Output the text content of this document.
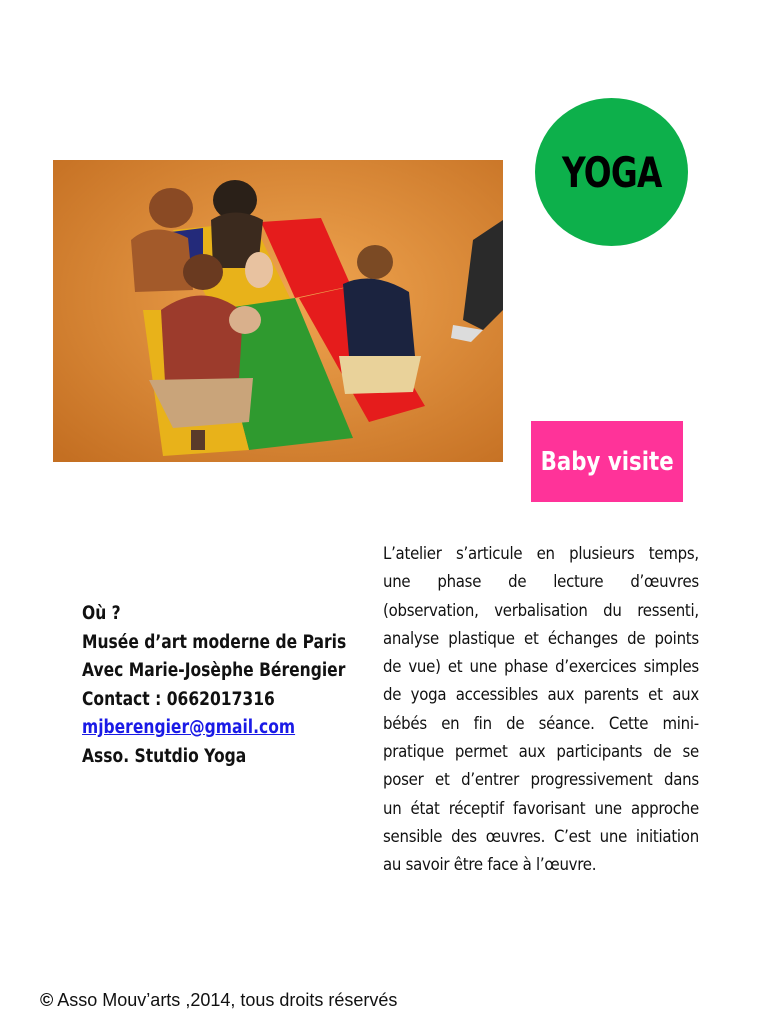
YOGA
Baby visite
Où ?
Musée d’art moderne de Paris
Avec Marie-Josèphe Bérengier
Contact : 0662017316
mjberengier@gmail.com
Asso. Stutdio Yoga
L’atelier s’articule en plusieurs temps,
une phase de lecture d’œuvres
(observation, verbalisation du ressenti,
analyse plastique et échanges de points
de vue) et une phase d’exercices simples
de yoga accessibles aux parents et aux
bébés en fin de séance. Cette mini-
pratique permet aux participants de se
poser et d’entrer progressivement dans
un état réceptif favorisant une approche
sensible des œuvres. C’est une initiation
au savoir être face à l’œuvre.
© Asso Mouv’arts ,2014, tous droits réservés
